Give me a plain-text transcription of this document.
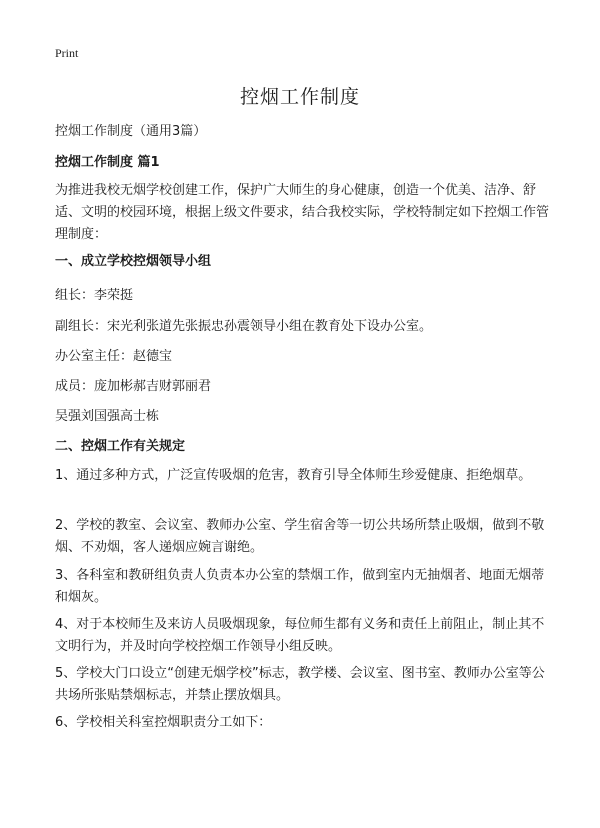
Print
控烟工作制度
控烟工作制度（通用3篇）
控烟工作制度 篇1

为推进我校无烟学校创建工作，保护广大师生的身心健康，创造一个优美、洁净、舒适、文明的校园环境，根据上级文件要求，结合我校实际，学校特制定如下控烟工作管理制度：

一、成立学校控烟领导小组

组长：李荣挺

副组长：宋光利张道先张振忠孙震领导小组在教育处下设办公室。

办公室主任：赵德宝

成员：庞加彬郝吉财郭丽君

吴强刘国强高士栋

二、控烟工作有关规定

1、通过多种方式，广泛宣传吸烟的危害，教育引导全体师生珍爱健康、拒绝烟草。

2、学校的教室、会议室、教师办公室、学生宿舍等一切公共场所禁止吸烟，做到不敬烟、不劝烟，客人递烟应婉言谢绝。

3、各科室和教研组负责人负责本办公室的禁烟工作，做到室内无抽烟者、地面无烟蒂和烟灰。

4、对于本校师生及来访人员吸烟现象，每位师生都有义务和责任上前阻止，制止其不文明行为，并及时向学校控烟工作领导小组反映。

5、学校大门口设立“创建无烟学校”标志，教学楼、会议室、图书室、教师办公室等公共场所张贴禁烟标志，并禁止摆放烟具。

6、学校相关科室控烟职责分工如下：
